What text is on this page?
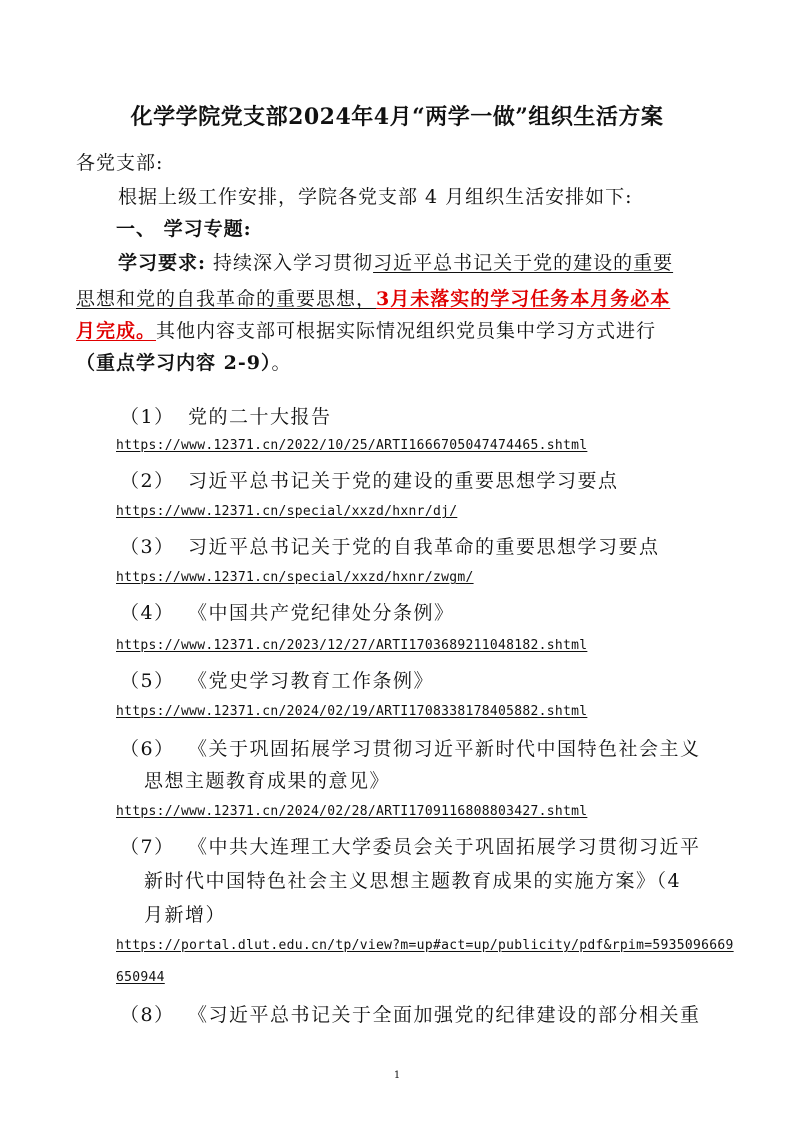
化学学院党支部2024年4月“两学一做”组织生活方案
各党支部:
根据上级工作安排，学院各党支部 4 月组织生活安排如下:
一、 学习专题:
学习要求: 持续深入学习贯彻习近平总书记关于党的建设的重要
思想和党的自我革命的重要思想，3月未落实的学习任务本月务必本
月完成。其他内容支部可根据实际情况组织党员集中学习方式进行
（重点学习内容 2-9）。
（1） 党的二十大报告
https://www.12371.cn/2022/10/25/ARTI1666705047474465.shtml
（2） 习近平总书记关于党的建设的重要思想学习要点
https://www.12371.cn/special/xxzd/hxnr/dj/
（3） 习近平总书记关于党的自我革命的重要思想学习要点
https://www.12371.cn/special/xxzd/hxnr/zwgm/
（4） 《中国共产党纪律处分条例》
https://www.12371.cn/2023/12/27/ARTI1703689211048182.shtml
（5） 《党史学习教育工作条例》
https://www.12371.cn/2024/02/19/ARTI1708338178405882.shtml
（6） 《关于巩固拓展学习贯彻习近平新时代中国特色社会主义
思想主题教育成果的意见》
https://www.12371.cn/2024/02/28/ARTI1709116808803427.shtml
（7） 《中共大连理工大学委员会关于巩固拓展学习贯彻习近平
新时代中国特色社会主义思想主题教育成果的实施方案》（4
月新增）
https://portal.dlut.edu.cn/tp/view?m=up#act=up/publicity/pdf&rpim=5935096669
650944
（8） 《习近平总书记关于全面加强党的纪律建设的部分相关重
1
